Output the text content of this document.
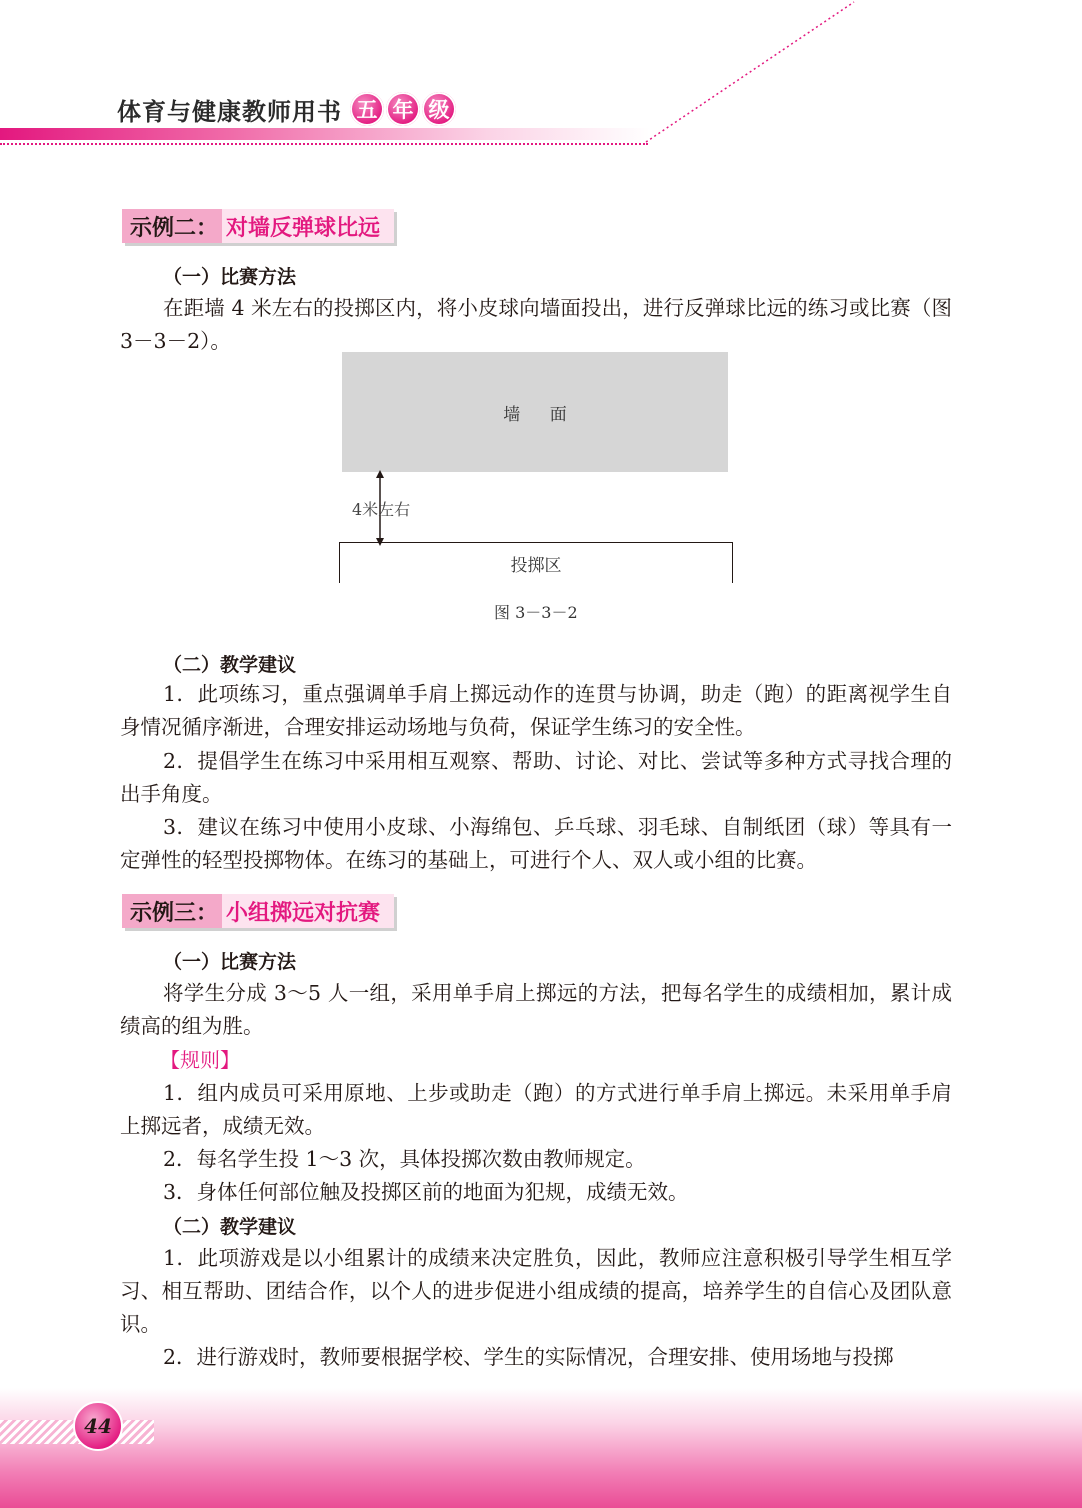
体育与健康教师用书 五 年 级
示例二： 对墙反弹球比远
（一）比赛方法
在距墙 4 米左右的投掷区内，将小皮球向墙面投出，进行反弹球比远的练习或比赛（图 3－3－2）。
墙 面
4米左右
投掷区
图 3－3－2
（二）教学建议
1．此项练习，重点强调单手肩上掷远动作的连贯与协调，助走（跑）的距离视学生自身情况循序渐进，合理安排运动场地与负荷，保证学生练习的安全性。
2．提倡学生在练习中采用相互观察、帮助、讨论、对比、尝试等多种方式寻找合理的出手角度。
3．建议在练习中使用小皮球、小海绵包、乒乓球、羽毛球、自制纸团（球）等具有一定弹性的轻型投掷物体。在练习的基础上，可进行个人、双人或小组的比赛。
示例三： 小组掷远对抗赛
（一）比赛方法
将学生分成 3～5 人一组，采用单手肩上掷远的方法，把每名学生的成绩相加，累计成绩高的组为胜。
【规则】
1．组内成员可采用原地、上步或助走（跑）的方式进行单手肩上掷远。未采用单手肩上掷远者，成绩无效。
2．每名学生投 1～3 次，具体投掷次数由教师规定。
3．身体任何部位触及投掷区前的地面为犯规，成绩无效。
（二）教学建议
1．此项游戏是以小组累计的成绩来决定胜负，因此，教师应注意积极引导学生相互学习、相互帮助、团结合作，以个人的进步促进小组成绩的提高，培养学生的自信心及团队意识。
2．进行游戏时，教师要根据学校、学生的实际情况，合理安排、使用场地与投掷
44
